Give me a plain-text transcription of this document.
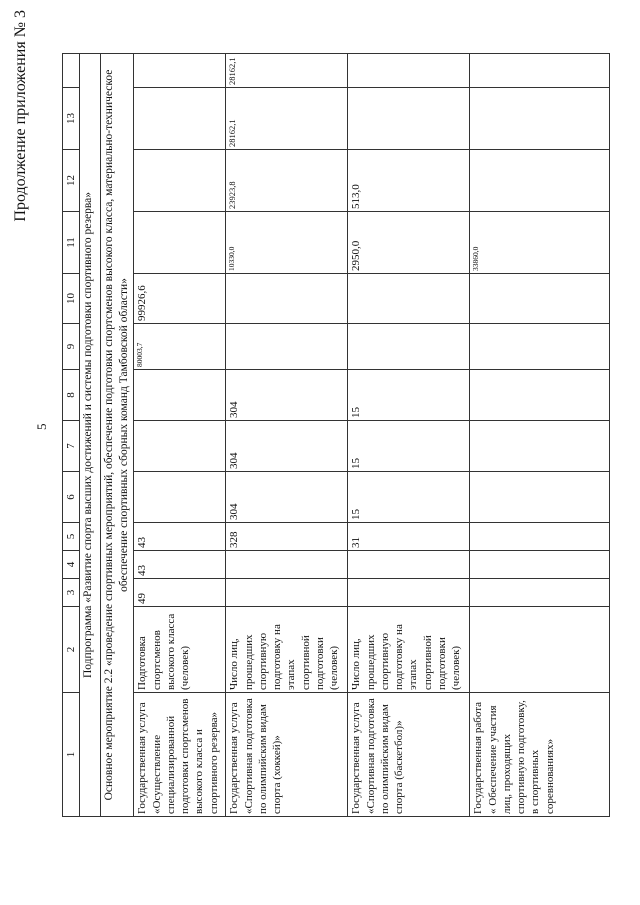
5
Продолжение приложения № 3
1	2	3	4	5	6	7	8	9	10	11	12	13	
Подпрограмма «Развитие спорта высших достижений и системы подготовки спортивного резерва»													
Основное мероприятие 2.2 «проведение спортивных мероприятий, обеспечение подготовки спортсменов высокого класса, материально-техническое обеспечение спортивных сборных команд Тамбовской области»													
Государственная услуга «Осуществление специализированной подготовки спортсменов высокого класса и спортивного резерва»	Подготовка спортсменов высокого класса (человек)	49	43	43				80003,7	99926,6				
Государственная услуга «Спортивная подготовка по олимпийским видам спорта (хоккей)»	Число лиц, прошедших спортивную подготовку на этапах спортивной подготовки (человек)			328	304	304	304			10330,0	23923,8	28162,1	28162,1
Государственная услуга «Спортивная подготовка по олимпийским видам спорта (баскетбол)»	Число лиц, прошедших спортивную подготовку на этапах спортивной подготовки (человек)			31	15	15	15			2950,0	513,0		
Государственная работа « Обеспечение участия лиц, проходящих спортивную подготовку, в спортивных соревнованиях»										33860,0			
